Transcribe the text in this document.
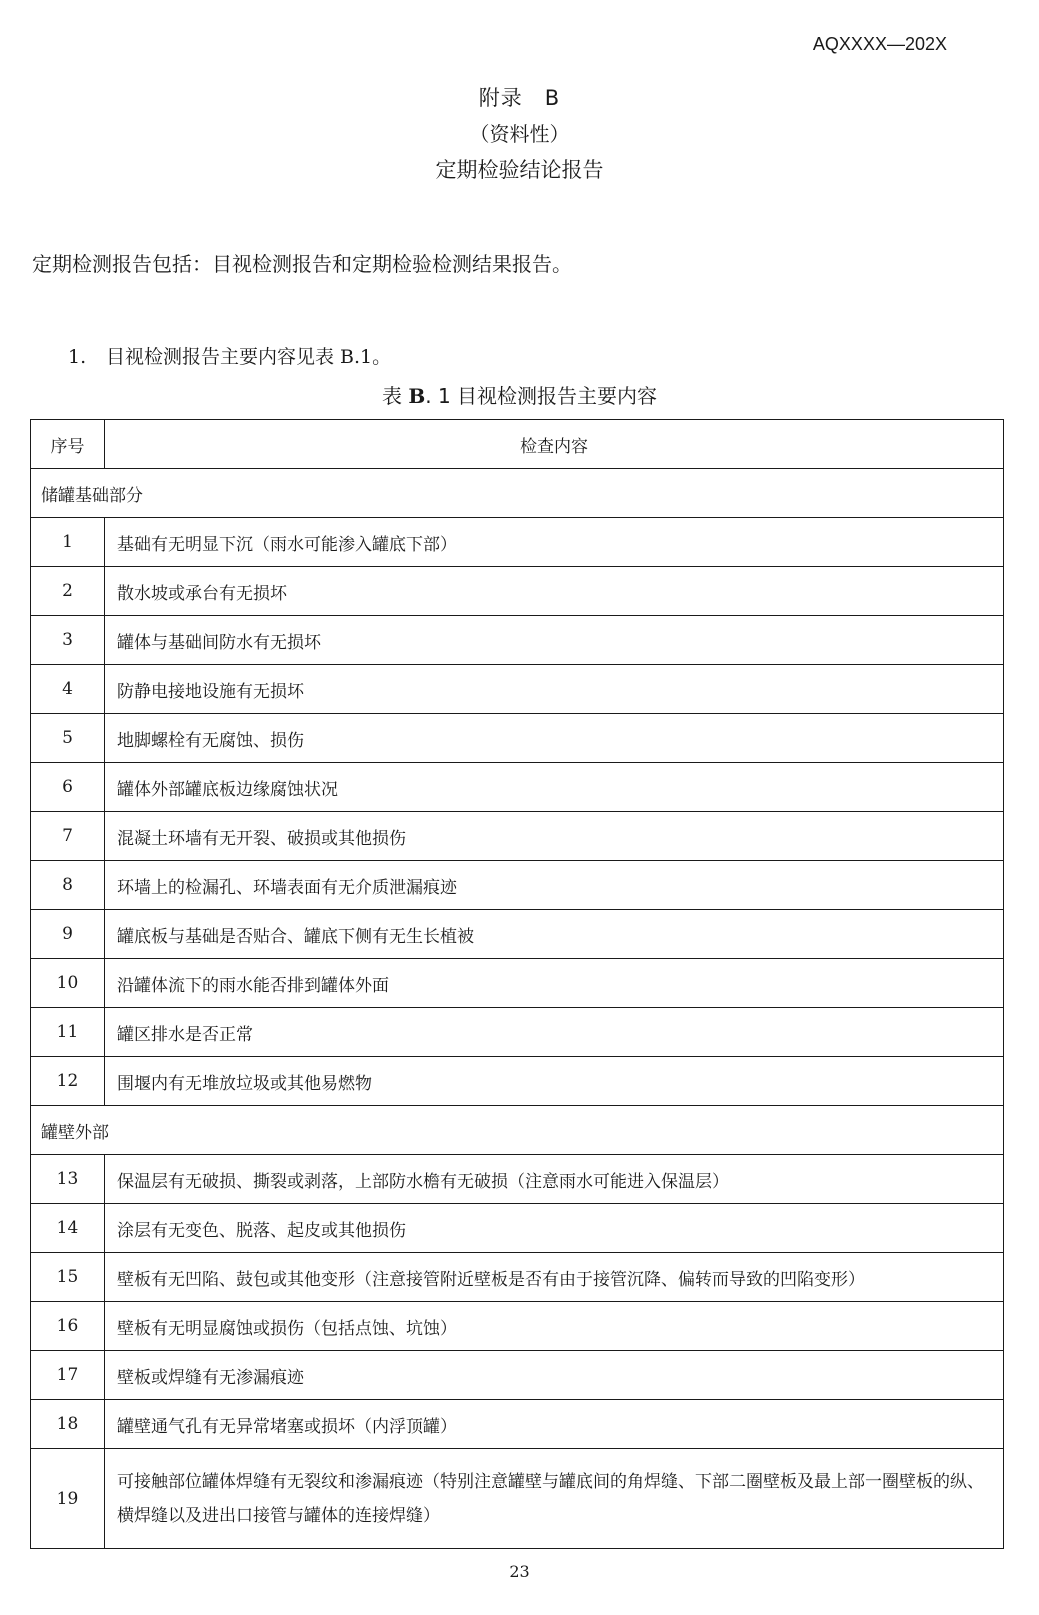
AQXXXX—202X
附录　B
（资料性）
定期检验结论报告
定期检测报告包括：目视检测报告和定期检验检测结果报告。
1. 目视检测报告主要内容见表 B.1。
表 B. 1 目视检测报告主要内容
序号	检查内容
储罐基础部分	
1	基础有无明显下沉（雨水可能渗入罐底下部）
2	散水坡或承台有无损坏
3	罐体与基础间防水有无损坏
4	防静电接地设施有无损坏
5	地脚螺栓有无腐蚀、损伤
6	罐体外部罐底板边缘腐蚀状况
7	混凝土环墙有无开裂、破损或其他损伤
8	环墙上的检漏孔、环墙表面有无介质泄漏痕迹
9	罐底板与基础是否贴合、罐底下侧有无生长植被
10	沿罐体流下的雨水能否排到罐体外面
11	罐区排水是否正常
12	围堰内有无堆放垃圾或其他易燃物
罐壁外部	
13	保温层有无破损、撕裂或剥落，上部防水檐有无破损（注意雨水可能进入保温层）
14	涂层有无变色、脱落、起皮或其他损伤
15	壁板有无凹陷、鼓包或其他变形（注意接管附近壁板是否有由于接管沉降、偏转而导致的凹陷变形）
16	壁板有无明显腐蚀或损伤（包括点蚀、坑蚀）
17	壁板或焊缝有无渗漏痕迹
18	罐壁通气孔有无异常堵塞或损坏（内浮顶罐）
19	可接触部位罐体焊缝有无裂纹和渗漏痕迹（特别注意罐壁与罐底间的角焊缝、下部二圈壁板及最上部一圈壁板的纵、横焊缝以及进出口接管与罐体的连接焊缝）
23
